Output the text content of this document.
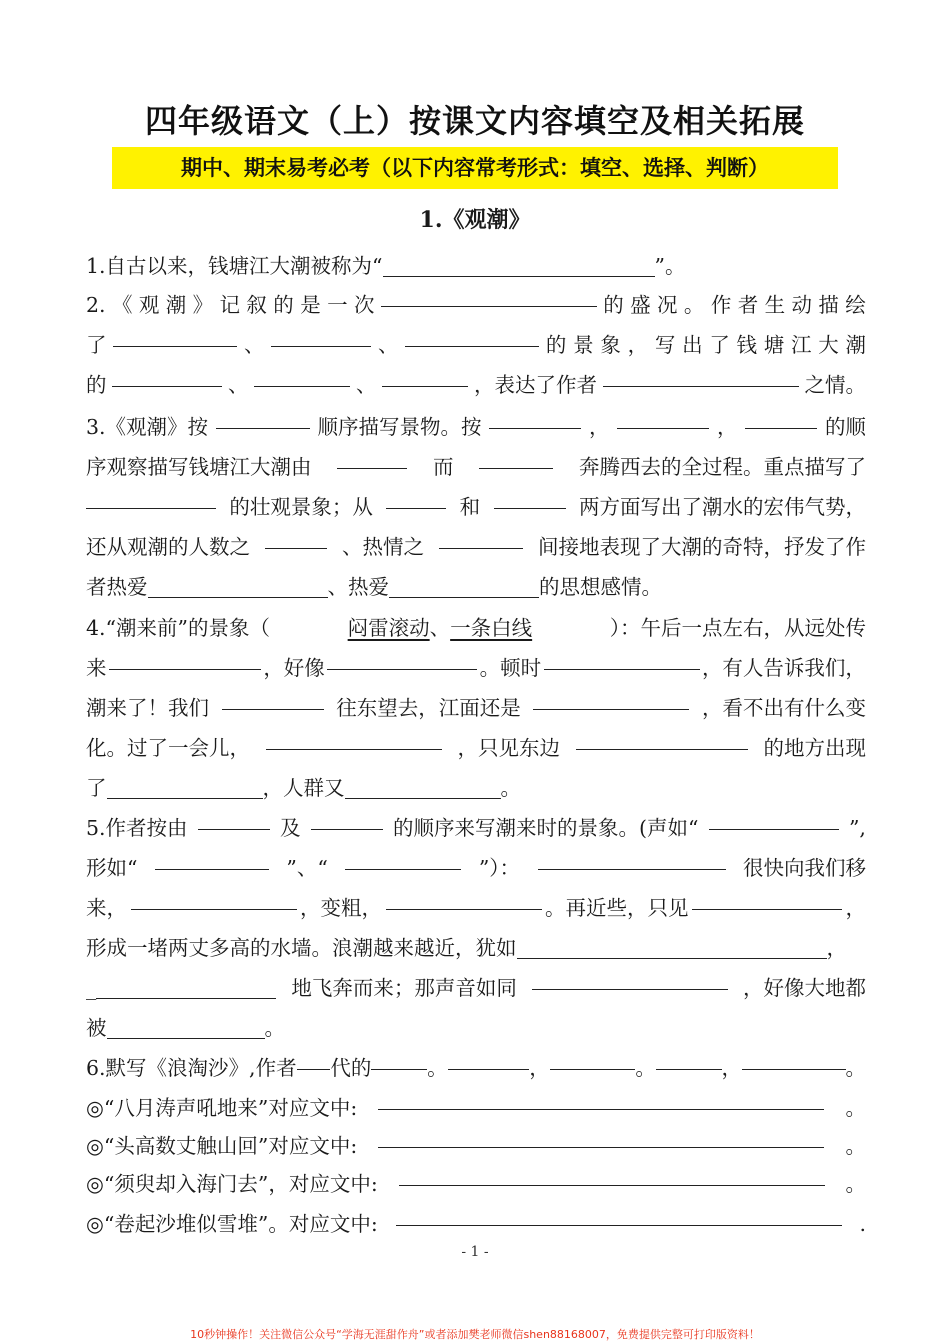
四年级语文（上）按课文内容填空及相关拓展
期中、期末易考必考（以下内容常考形式：填空、选择、判断）
1.《观潮》
1.自古以来，钱塘江大潮被称为“	”。
2. 《 观 潮 》 记 叙 的 是 一 次	的 盛 况 。 作 者 生 动 描 绘
了	、	、	的 景 象 ， 写 出 了 钱 塘 江 大 潮
的	、	、	，表达了作者	之情。
3.《观潮》按	顺序描写景物。按	，	，	的顺
序观察描写钱塘江大潮由	而	奔腾西去的全过程。重点描写了
的壮观景象；从	和	两方面写出了潮水的宏伟气势，
还从观潮的人数之	、热情之	间接地表现了大潮的奇特，抒发了作
者热爱	、热爱	的思想感情。
4.“潮来前”的景象（	闷雷滚动、一条白线	）：午后一点左右，从远处传
来	，好像	。顿时	，有人告诉我们，
潮来了！我们	往东望去，江面还是	，看不出有什么变
化。过了一会儿，	，只见东边	的地方出现
了	，人群又	。
5.作者按由	及	的顺序来写潮来时的景象。(声如“	”,
形如“	”、“	”）：	很快向我们移
来，	，变粗，	。再近些，只见	，
形成一堵两丈多高的水墙。浪潮越来越近，犹如	，
_	地飞奔而来；那声音如同	，好像大地都
被	。
6.默写《浪淘沙》,作者 代的	。	，	。	，	。
◎“八月涛声吼地来”对应文中:	。
◎“头高数丈触山回”对应文中:	。
◎“须臾却入海门去”，对应文中:	。
◎“卷起沙堆似雪堆”。对应文中:	.
- 1 -
10秒钟操作！关注微信公众号“学海无涯甜作舟”或者添加樊老师微信shen88168007，免费提供完整可打印版资料！
